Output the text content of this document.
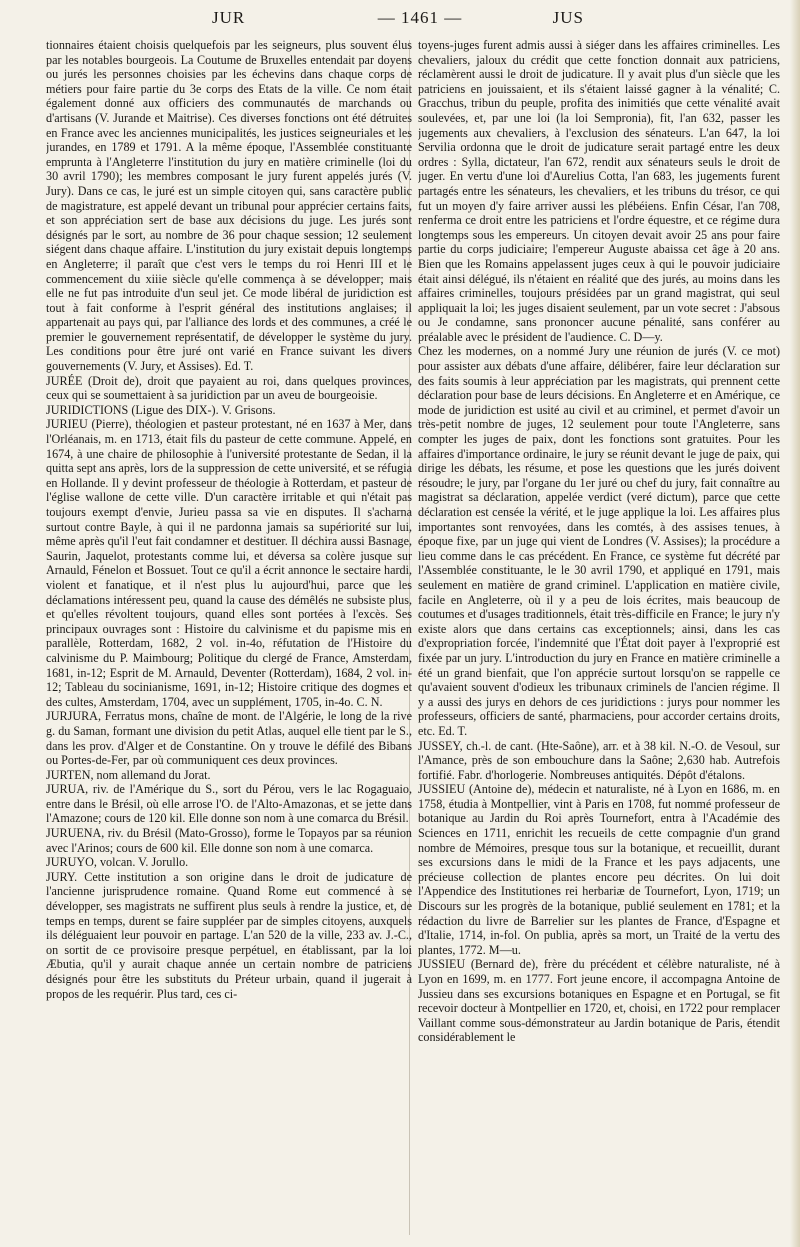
JUR	— 1461 —	JUS

tionnaires étaient choisis quelquefois par les seigneurs, plus souvent élus par les notables bourgeois. La Coutume de Bruxelles entendait par doyens ou jurés les personnes choisies par les échevins dans chaque corps de métiers pour faire partie du 3e corps des Etats de la ville. Ce nom était également donné aux officiers des communautés de marchands ou d'artisans (V. Jurande et Maitrise). Ces diverses fonctions ont été détruites en France avec les anciennes municipalités, les justices seigneuriales et les jurandes, en 1789 et 1791. A la même époque, l'Assemblée constituante emprunta à l'Angleterre l'institution du jury en matière criminelle (loi du 30 avril 1790); les membres composant le jury furent appelés jurés (V. Jury). Dans ce cas, le juré est un simple citoyen qui, sans caractère public de magistrature, est appelé devant un tribunal pour apprécier certains faits, et son appréciation sert de base aux décisions du juge. Les jurés sont désignés par le sort, au nombre de 36 pour chaque session; 12 seulement siégent dans chaque affaire. L'institution du jury existait depuis longtemps en Angleterre; il paraît que c'est vers le temps du roi Henri III et le commencement du xiiie siècle qu'elle commença à se développer; mais elle ne fut pas introduite d'un seul jet. Ce mode libéral de juridiction est tout à fait conforme à l'esprit général des institutions anglaises; il appartenait au pays qui, par l'alliance des lords et des communes, a créé le premier le gouvernement représentatif, de développer le système du jury. Les conditions pour être juré ont varié en France suivant les divers gouvernements (V. Jury, et Assises). Ed. T.

JURÉE (Droit de), droit que payaient au roi, dans quelques provinces, ceux qui se soumettaient à sa juridiction par un aveu de bourgeoisie.

JURIDICTIONS (Ligue des DIX-). V. Grisons.

JURIEU (Pierre), théologien et pasteur protestant, né en 1637 à Mer, dans l'Orléanais, m. en 1713, était fils du pasteur de cette commune. Appelé, en 1674, à une chaire de philosophie à l'université protestante de Sedan, il la quitta sept ans après, lors de la suppression de cette université, et se réfugia en Hollande. Il y devint professeur de théologie à Rotterdam, et pasteur de l'église wallone de cette ville. D'un caractère irritable et qui n'était pas toujours exempt d'envie, Jurieu passa sa vie en disputes. Il s'acharna surtout contre Bayle, à qui il ne pardonna jamais sa supériorité sur lui, même après qu'il l'eut fait condamner et destituer. Il déchira aussi Basnage, Saurin, Jaquelot, protestants comme lui, et déversa sa colère jusque sur Arnauld, Fénelon et Bossuet. Tout ce qu'il a écrit annonce le sectaire hardi, violent et fanatique, et il n'est plus lu aujourd'hui, parce que les déclamations intéressent peu, quand la cause des démêlés ne subsiste plus, et qu'elles révoltent toujours, quand elles sont portées à l'excès. Ses principaux ouvrages sont : Histoire du calvinisme et du papisme mis en parallèle, Rotterdam, 1682, 2 vol. in-4o, réfutation de l'Histoire du calvinisme du P. Maimbourg; Politique du clergé de France, Amsterdam, 1681, in-12; Esprit de M. Arnauld, Deventer (Rotterdam), 1684, 2 vol. in-12; Tableau du socinianisme, 1691, in-12; Histoire critique des dogmes et des cultes, Amsterdam, 1704, avec un supplément, 1705, in-4o. C. N.

JURJURA, Ferratus mons, chaîne de mont. de l'Algérie, le long de la rive g. du Saman, formant une division du petit Atlas, auquel elle tient par le S., dans les prov. d'Alger et de Constantine. On y trouve le défilé des Bibans ou Portes-de-Fer, par où communiquent ces deux provinces.

JURTEN, nom allemand du Jorat.

JURUA, riv. de l'Amérique du S., sort du Pérou, vers le lac Rogaguaio, entre dans le Brésil, où elle arrose l'O. de l'Alto-Amazonas, et se jette dans l'Amazone; cours de 120 kil. Elle donne son nom à une comarca du Brésil.

JURUENA, riv. du Brésil (Mato-Grosso), forme le Topayos par sa réunion avec l'Arinos; cours de 600 kil. Elle donne son nom à une comarca.

JURUYO, volcan. V. Jorullo.

JURY. Cette institution a son origine dans le droit de judicature de l'ancienne jurisprudence romaine. Quand Rome eut commencé à se développer, ses magistrats ne suffirent plus seuls à rendre la justice, et, de temps en temps, durent se faire suppléer par de simples citoyens, auxquels ils déléguaient leur pouvoir en partage. L'an 520 de la ville, 233 av. J.-C., on sortit de ce provisoire presque perpétuel, en établissant, par la loi Æbutia, qu'il y aurait chaque année un certain nombre de patriciens désignés pour être les substituts du Préteur urbain, quand il jugerait à propos de les requérir. Plus tard, ces ci-

toyens-juges furent admis aussi à siéger dans les affaires criminelles. Les chevaliers, jaloux du crédit que cette fonction donnait aux patriciens, réclamèrent aussi le droit de judicature. Il y avait plus d'un siècle que les patriciens en jouissaient, et ils s'étaient laissé gagner à la vénalité; C. Gracchus, tribun du peuple, profita des inimitiés que cette vénalité avait soulevées, et, par une loi (la loi Sempronia), fit, l'an 632, passer les jugements aux chevaliers, à l'exclusion des sénateurs. L'an 647, la loi Servilia ordonna que le droit de judicature serait partagé entre les deux ordres : Sylla, dictateur, l'an 672, rendit aux sénateurs seuls le droit de juger. En vertu d'une loi d'Aurelius Cotta, l'an 683, les jugements furent partagés entre les sénateurs, les chevaliers, et les tribuns du trésor, ce qui fut un moyen d'y faire arriver aussi les plébéiens. Enfin César, l'an 708, renferma ce droit entre les patriciens et l'ordre équestre, et ce régime dura longtemps sous les empereurs. Un citoyen devait avoir 25 ans pour faire partie du corps judiciaire; l'empereur Auguste abaissa cet âge à 20 ans. Bien que les Romains appelassent juges ceux à qui le pouvoir judiciaire était ainsi délégué, ils n'étaient en réalité que des jurés, au moins dans les affaires criminelles, toujours présidées par un grand magistrat, qui seul appliquait la loi; les juges disaient seulement, par un vote secret : J'absous ou Je condamne, sans prononcer aucune pénalité, sans conférer au préalable avec le président de l'audience. C. D—y.

Chez les modernes, on a nommé Jury une réunion de jurés (V. ce mot) pour assister aux débats d'une affaire, délibérer, faire leur déclaration sur des faits soumis à leur appréciation par les magistrats, qui prennent cette déclaration pour base de leurs décisions. En Angleterre et en Amérique, ce mode de juridiction est usité au civil et au criminel, et permet d'avoir un très-petit nombre de juges, 12 seulement pour toute l'Angleterre, sans compter les juges de paix, dont les fonctions sont gratuites. Pour les affaires d'importance ordinaire, le jury se réunit devant le juge de paix, qui dirige les débats, les résume, et pose les questions que les jurés doivent résoudre; le jury, par l'organe du 1er juré ou chef du jury, fait connaître au magistrat sa déclaration, appelée verdict (veré dictum), parce que cette déclaration est censée la vérité, et le juge applique la loi. Les affaires plus importantes sont renvoyées, dans les comtés, à des assises tenues, à époque fixe, par un juge qui vient de Londres (V. Assises); la procédure a lieu comme dans le cas précédent. En France, ce système fut décrété par l'Assemblée constituante, le le 30 avril 1790, et appliqué en 1791, mais seulement en matière de grand criminel. L'application en matière civile, facile en Angleterre, où il y a peu de lois écrites, mais beaucoup de coutumes et d'usages traditionnels, était très-difficile en France; le jury n'y existe alors que dans certains cas exceptionnels; ainsi, dans les cas d'expropriation forcée, l'indemnité que l'État doit payer à l'exproprié est fixée par un jury. L'introduction du jury en France en matière criminelle a été un grand bienfait, que l'on apprécie surtout lorsqu'on se rappelle ce qu'avaient souvent d'odieux les tribunaux criminels de l'ancien régime. Il y a aussi des jurys en dehors de ces juridictions : jurys pour nommer les professeurs, officiers de santé, pharmaciens, pour accorder certains droits, etc. Ed. T.

JUSSEY, ch.-l. de cant. (Hte-Saône), arr. et à 38 kil. N.-O. de Vesoul, sur l'Amance, près de son embouchure dans la Saône; 2,630 hab. Autrefois fortifié. Fabr. d'horlogerie. Nombreuses antiquités. Dépôt d'étalons.

JUSSIEU (Antoine de), médecin et naturaliste, né à Lyon en 1686, m. en 1758, étudia à Montpellier, vint à Paris en 1708, fut nommé professeur de botanique au Jardin du Roi après Tournefort, entra à l'Académie des Sciences en 1711, enrichit les recueils de cette compagnie d'un grand nombre de Mémoires, presque tous sur la botanique, et recueillit, durant ses excursions dans le midi de la France et les pays adjacents, une précieuse collection de plantes encore peu décrites. On lui doit l'Appendice des Institutiones rei herbariæ de Tournefort, Lyon, 1719; un Discours sur les progrès de la botanique, publié seulement en 1781; et la rédaction du livre de Barrelier sur les plantes de France, d'Espagne et d'Italie, 1714, in-fol. On publia, après sa mort, un Traité de la vertu des plantes, 1772. M—u.

JUSSIEU (Bernard de), frère du précédent et célèbre naturaliste, né à Lyon en 1699, m. en 1777. Fort jeune encore, il accompagna Antoine de Jussieu dans ses excursions botaniques en Espagne et en Portugal, se fit recevoir docteur à Montpellier en 1720, et, choisi, en 1722 pour remplacer Vaillant comme sous-démonstrateur au Jardin botanique de Paris, étendit considérablement le
